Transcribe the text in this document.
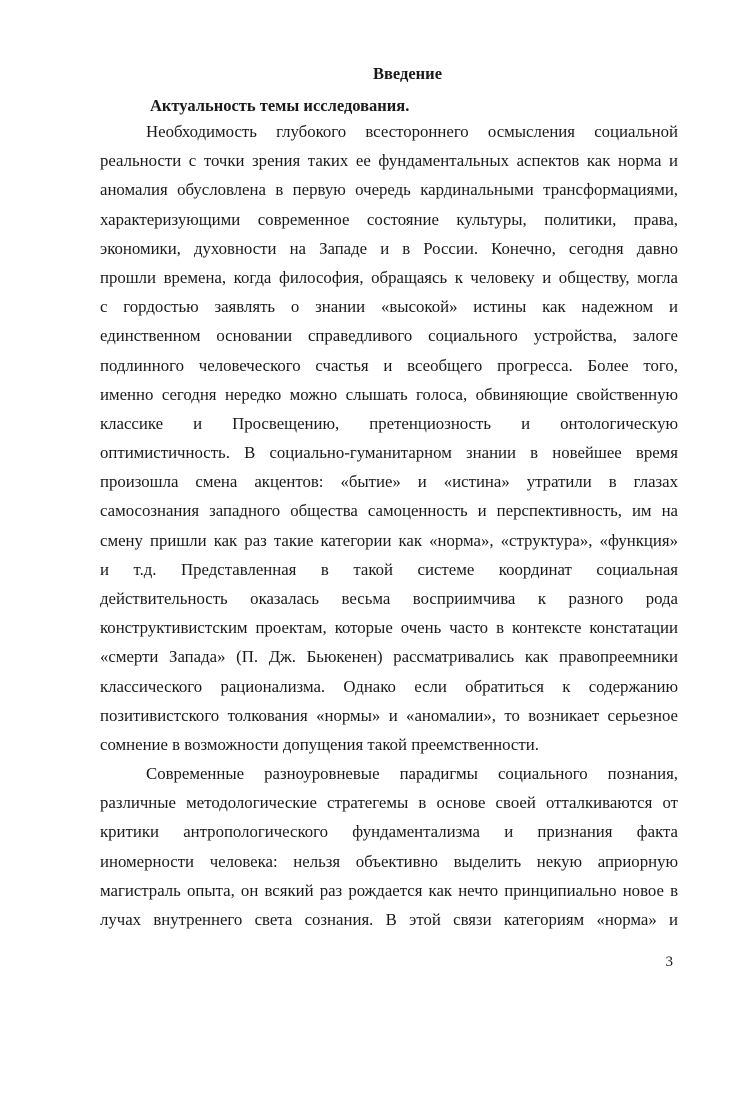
Введение
Актуальность темы исследования.
Необходимость глубокого всестороннего осмысления социальной
реальности с точки зрения таких ее фундаментальных аспектов как норма и
аномалия обусловлена в первую очередь кардинальными трансформациями,
характеризующими современное состояние культуры, политики, права,
экономики, духовности на Западе и в России. Конечно, сегодня давно
прошли времена, когда философия, обращаясь к человеку и обществу, могла
с гордостью заявлять о знании «высокой» истины как надежном и
единственном основании справедливого социального устройства, залоге
подлинного человеческого счастья и всеобщего прогресса. Более того,
именно сегодня нередко можно слышать голоса, обвиняющие свойственную
классике и Просвещению, претенциозность и онтологическую
оптимистичность. В социально-гуманитарном знании в новейшее время
произошла смена акцентов: «бытие» и «истина» утратили в глазах
самосознания западного общества самоценность и перспективность, им на
смену пришли как раз такие категории как «норма», «структура», «функция»
и т.д. Представленная в такой системе координат социальная
действительность оказалась весьма восприимчива к разного рода
конструктивистским проектам, которые очень часто в контексте констатации
«смерти Запада» (П. Дж. Бьюкенен) рассматривались как правопреемники
классического рационализма. Однако если обратиться к содержанию
позитивистского толкования «нормы» и «аномалии», то возникает серьезное
сомнение в возможности допущения такой преемственности.
Современные разноуровневые парадигмы социального познания,
различные методологические стратегемы в основе своей отталкиваются от
критики антропологического фундаментализма и признания факта
иномерности человека: нельзя объективно выделить некую априорную
магистраль опыта, он всякий раз рождается как нечто принципиально новое в
лучах внутреннего света сознания. В этой связи категориям «норма» и
3
